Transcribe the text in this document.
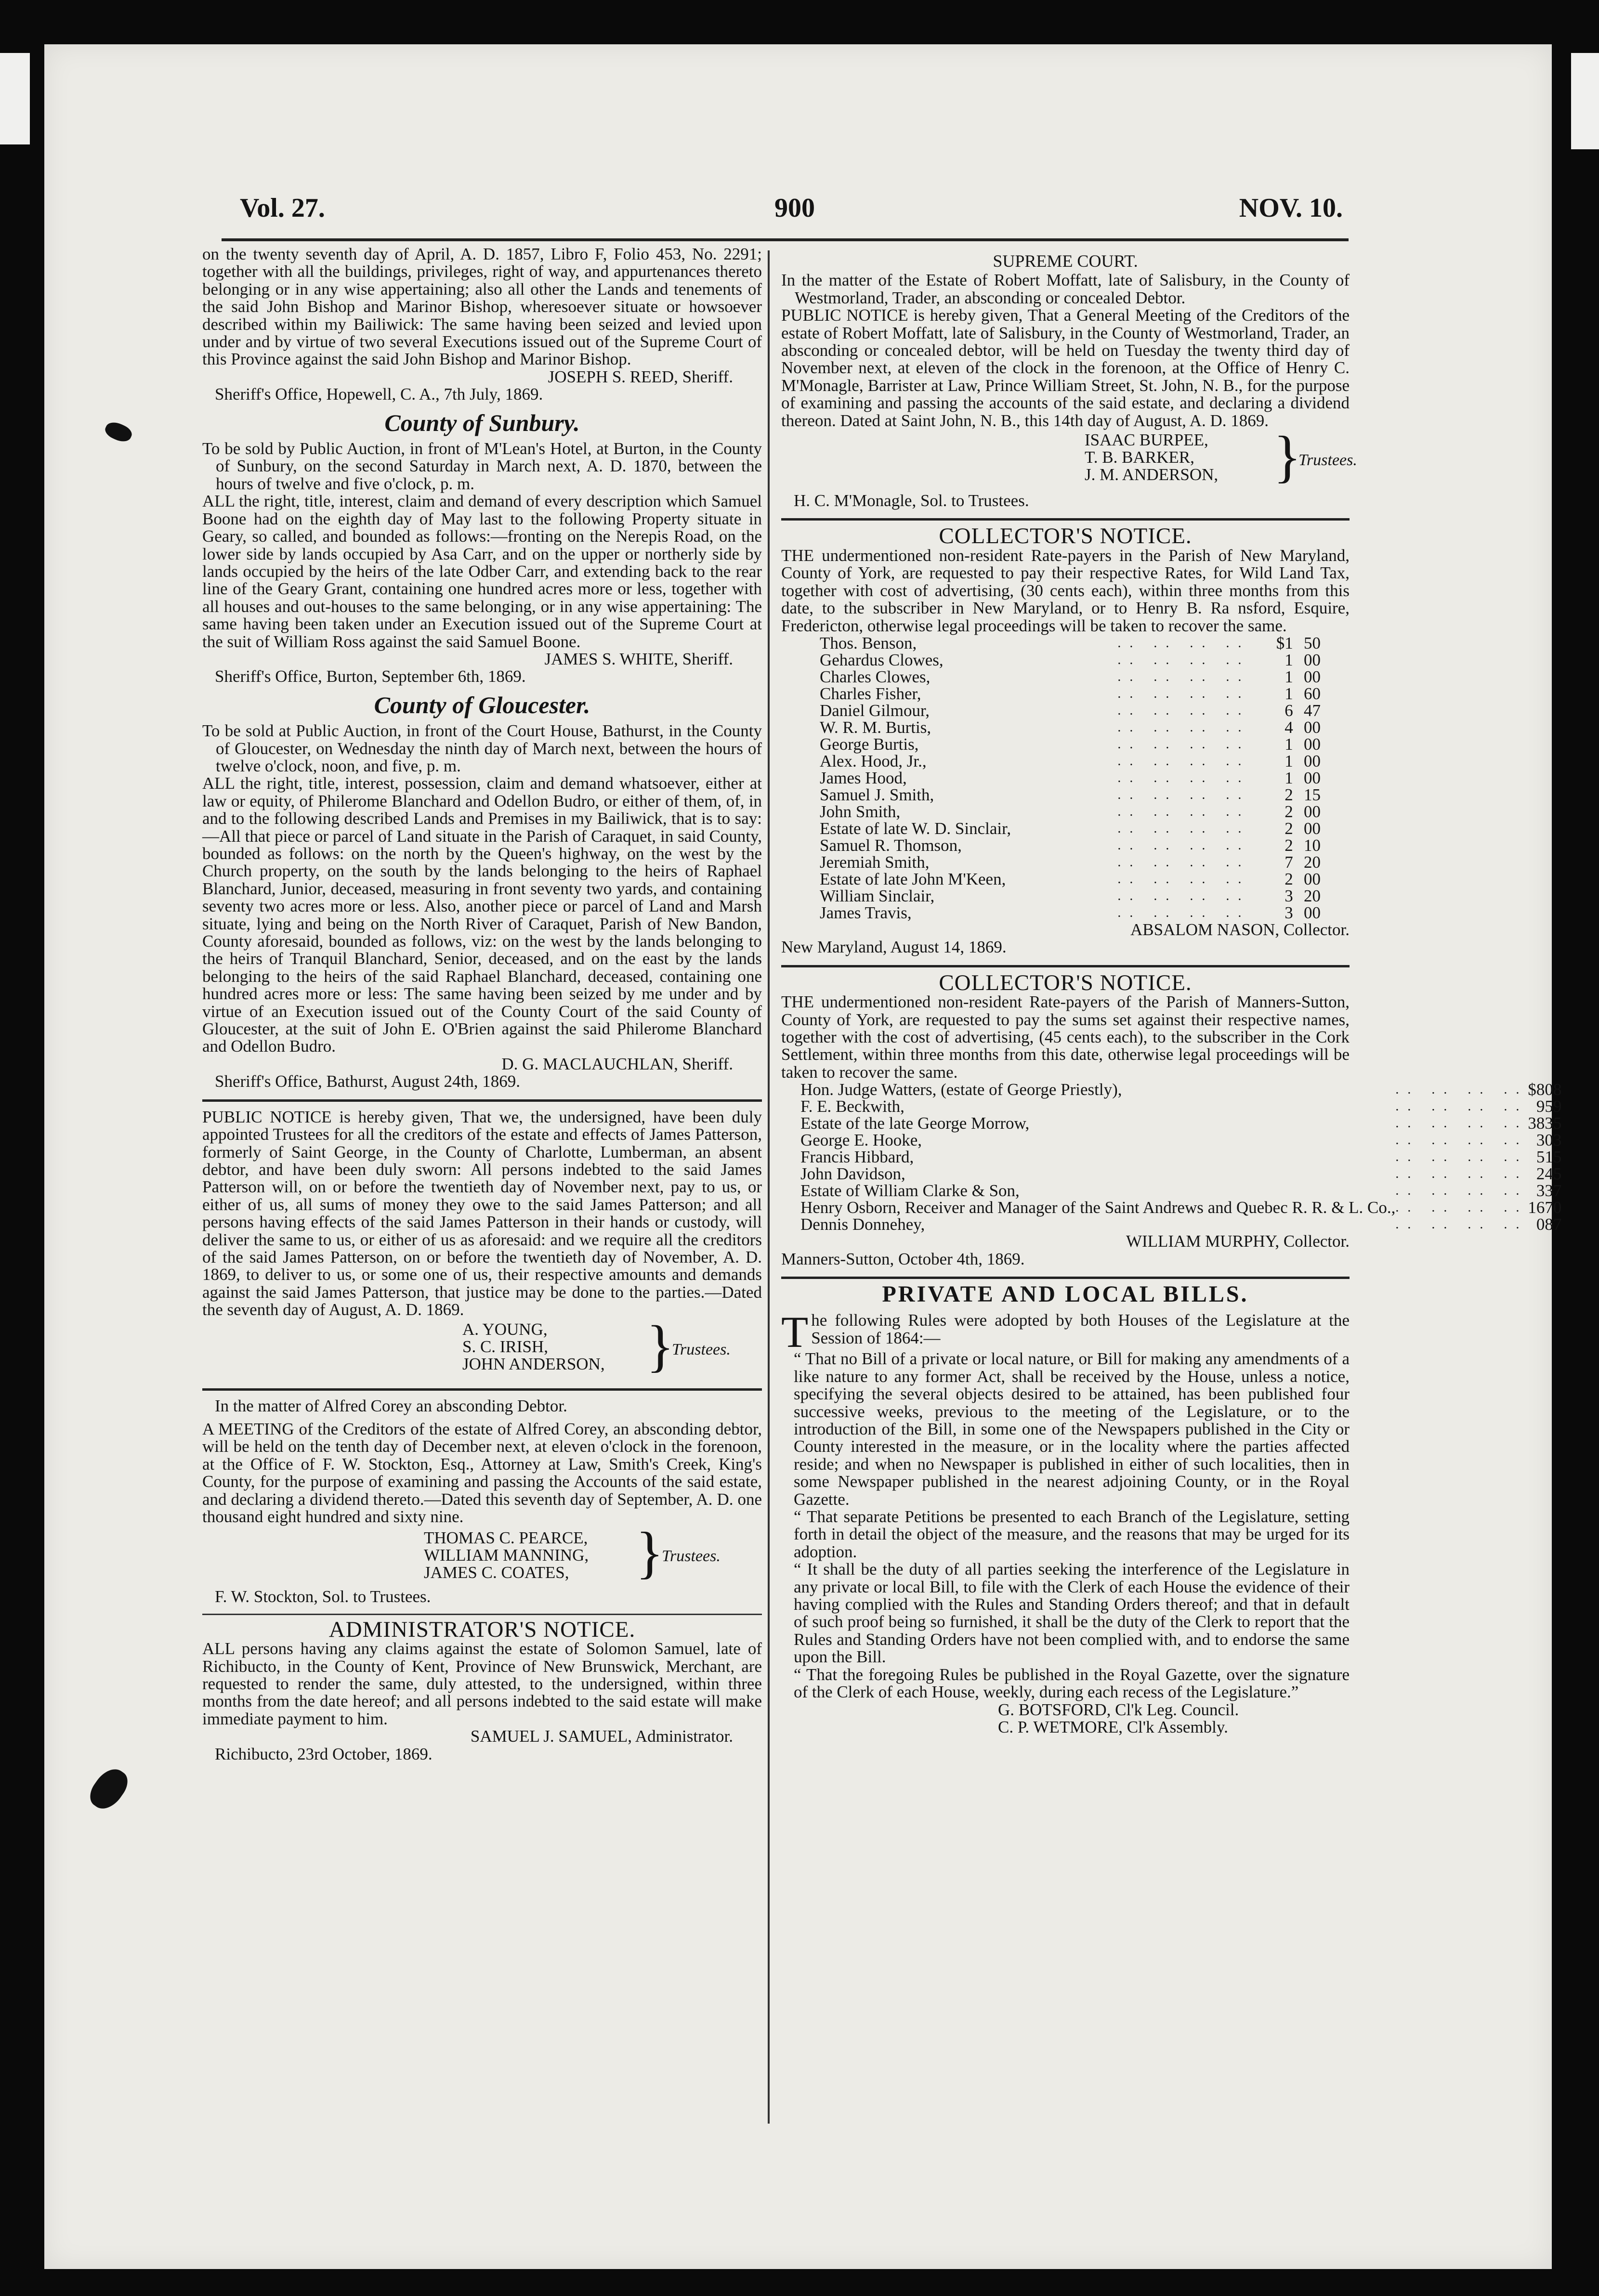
Vol. 27.	900	NOV. 10.

on the twenty seventh day of April, A. D. 1857, Libro F, Folio 453, No. 2291; together with all the buildings, privileges, right of way, and appurtenances thereto belonging or in any wise appertaining; also all other the Lands and tenements of the said John Bishop and Marinor Bishop, wheresoever situate or howsoever described within my Bailiwick: The same having been seized and levied upon under and by virtue of two several Executions issued out of the Supreme Court of this Province against the said John Bishop and Marinor Bishop.

JOSEPH S. REED, Sheriff.

Sheriff's Office, Hopewell, C. A., 7th July, 1869.

County of Sunbury.

To be sold by Public Auction, in front of M'Lean's Hotel, at Burton, in the County of Sunbury, on the second Saturday in March next, A. D. 1870, between the hours of twelve and five o'clock, p. m.

ALL the right, title, interest, claim and demand of every description which Samuel Boone had on the eighth day of May last to the following Property situate in Geary, so called, and bounded as follows:—fronting on the Nerepis Road, on the lower side by lands occupied by Asa Carr, and on the upper or northerly side by lands occupied by the heirs of the late Odber Carr, and extending back to the rear line of the Geary Grant, containing one hundred acres more or less, together with all houses and out-houses to the same belonging, or in any wise appertaining: The same having been taken under an Execution issued out of the Supreme Court at the suit of William Ross against the said Samuel Boone.

JAMES S. WHITE, Sheriff.

Sheriff's Office, Burton, September 6th, 1869.

County of Gloucester.

To be sold at Public Auction, in front of the Court House, Bathurst, in the County of Gloucester, on Wednesday the ninth day of March next, between the hours of twelve o'clock, noon, and five, p. m.

ALL the right, title, interest, possession, claim and demand whatsoever, either at law or equity, of Philerome Blanchard and Odellon Budro, or either of them, of, in and to the following described Lands and Premises in my Bailiwick, that is to say:—All that piece or parcel of Land situate in the Parish of Caraquet, in said County, bounded as follows: on the north by the Queen's highway, on the west by the Church property, on the south by the lands belonging to the heirs of Raphael Blanchard, Junior, deceased, measuring in front seventy two yards, and containing seventy two acres more or less. Also, another piece or parcel of Land and Marsh situate, lying and being on the North River of Caraquet, Parish of New Bandon, County aforesaid, bounded as follows, viz: on the west by the lands belonging to the heirs of Tranquil Blanchard, Senior, deceased, and on the east by the lands belonging to the heirs of the said Raphael Blanchard, deceased, containing one hundred acres more or less: The same having been seized by me under and by virtue of an Execution issued out of the County Court of the said County of Gloucester, at the suit of John E. O'Brien against the said Philerome Blanchard and Odellon Budro.

D. G. MACLAUCHLAN, Sheriff.

Sheriff's Office, Bathurst, August 24th, 1869.

PUBLIC NOTICE is hereby given, That we, the undersigned, have been duly appointed Trustees for all the creditors of the estate and effects of James Patterson, formerly of Saint George, in the County of Charlotte, Lumberman, an absent debtor, and have been duly sworn: All persons indebted to the said James Patterson will, on or before the twentieth day of November next, pay to us, or either of us, all sums of money they owe to the said James Patterson; and all persons having effects of the said James Patterson in their hands or custody, will deliver the same to us, or either of us as aforesaid: and we require all the creditors of the said James Patterson, on or before the twentieth day of November, A. D. 1869, to deliver to us, or some one of us, their respective amounts and demands against the said James Patterson, that justice may be done to the parties.—Dated the seventh day of August, A. D. 1869.

A. YOUNG,
S. C. IRISH,
JOHN ANDERSON, }
Trustees.

In the matter of Alfred Corey an absconding Debtor.

A MEETING of the Creditors of the estate of Alfred Corey, an absconding debtor, will be held on the tenth day of December next, at eleven o'clock in the forenoon, at the Office of F. W. Stockton, Esq., Attorney at Law, Smith's Creek, King's County, for the purpose of examining and passing the Accounts of the said estate, and declaring a dividend thereto.—Dated this seventh day of September, A. D. one thousand eight hundred and sixty nine.

THOMAS C. PEARCE,
WILLIAM MANNING,
JAMES C. COATES,	}
Trustees.

F. W. Stockton, Sol. to Trustees.

ADMINISTRATOR'S NOTICE.

ALL persons having any claims against the estate of Solomon Samuel, late of Richibucto, in the County of Kent, Province of New Brunswick, Merchant, are requested to render the same, duly attested, to the undersigned, within three months from the date hereof; and all persons indebted to the said estate will make immediate payment to him.

SAMUEL J. SAMUEL, Administrator.

Richibucto, 23rd October, 1869.

SUPREME COURT.

In the matter of the Estate of Robert Moffatt, late of Salisbury, in the County of Westmorland, Trader, an absconding or concealed Debtor.

PUBLIC NOTICE is hereby given, That a General Meeting of the Creditors of the estate of Robert Moffatt, late of Salisbury, in the County of Westmorland, Trader, an absconding or concealed debtor, will be held on Tuesday the twenty third day of November next, at eleven of the clock in the forenoon, at the Office of Henry C. M'Monagle, Barrister at Law, Prince William Street, St. John, N. B., for the purpose of examining and passing the accounts of the said estate, and declaring a dividend thereon. Dated at Saint John, N. B., this 14th day of August, A. D. 1869.

ISAAC BURPEE,
T. B. BARKER,
J. M. ANDERSON, }
Trustees.

H. C. M'Monagle, Sol. to Trustees.

COLLECTOR'S NOTICE.

THE undermentioned non-resident Rate-payers in the Parish of New Maryland, County of York, are requested to pay their respective Rates, for Wild Land Tax, together with cost of advertising, (30 cents each), within three months from this date, to the subscriber in New Maryland, or to Henry B. Ra nsford, Esquire, Fredericton, otherwise legal proceedings will be taken to recover the same.

Thos. Benson,	.. .. .. ..	$1	50
Gehardus Clowes,	.. .. .. ..	1	00
Charles Clowes,	.. .. .. ..	1	00
Charles Fisher,	.. .. .. ..	1	60
Daniel Gilmour,	.. .. .. ..	6	47
W. R. M. Burtis,	.. .. .. ..	4	00
George Burtis,	.. .. .. ..	1	00
Alex. Hood, Jr.,	.. .. .. ..	1	00
James Hood,	.. .. .. ..	1	00
Samuel J. Smith,	.. .. .. ..	2	15
John Smith,	.. .. .. ..	2	00
Estate of late W. D. Sinclair,	.. .. .. ..	2	00
Samuel R. Thomson,	.. .. .. ..	2	10
Jeremiah Smith,	.. .. .. ..	7	20
Estate of late John M'Keen,	.. .. .. ..	2	00
William Sinclair,	.. .. .. ..	3	20
James Travis,	.. .. .. ..	3	00

ABSALOM NASON, Collector.

New Maryland, August 14, 1869.

COLLECTOR'S NOTICE.

THE undermentioned non-resident Rate-payers of the Parish of Manners-Sutton, County of York, are requested to pay the sums set against their respective names, together with the cost of advertising, (45 cents each), to the subscriber in the Cork Settlement, within three months from this date, otherwise legal proceedings will be taken to recover the same.

Hon. Judge Watters, (estate of George Priestly),	.. .. .. ..	$8	08
F. E. Beckwith,	.. .. .. ..	9	59
Estate of the late George Morrow,	.. .. .. ..	38	35
George E. Hooke,	.. .. .. ..	3	03
Francis Hibbard,	.. .. .. ..	5	15
John Davidson,	.. .. .. ..	2	45
Estate of William Clarke & Son,	.. .. .. ..	3	37
Henry Osborn, Receiver and Manager of the Saint Andrews and Quebec R. R. & L. Co.,	.. .. .. ..	16	70
Dennis Donnehey,	.. .. .. ..	0	87

WILLIAM MURPHY, Collector.

Manners-Sutton, October 4th, 1869.

PRIVATE AND LOCAL BILLS.

The following Rules were adopted by both Houses of the Legislature at the Session of 1864:—

“ That no Bill of a private or local nature, or Bill for making any amendments of a like nature to any former Act, shall be received by the House, unless a notice, specifying the several objects desired to be attained, has been published four successive weeks, previous to the meeting of the Legislature, or to the introduction of the Bill, in some one of the Newspapers published in the City or County interested in the measure, or in the locality where the parties affected reside; and when no Newspaper is published in either of such localities, then in some Newspaper published in the nearest adjoining County, or in the Royal Gazette.

“ That separate Petitions be presented to each Branch of the Legislature, setting forth in detail the object of the measure, and the reasons that may be urged for its adoption.

“ It shall be the duty of all parties seeking the interference of the Legislature in any private or local Bill, to file with the Clerk of each House the evidence of their having complied with the Rules and Standing Orders thereof; and that in default of such proof being so furnished, it shall be the duty of the Clerk to report that the Rules and Standing Orders have not been complied with, and to endorse the same upon the Bill.

“ That the foregoing Rules be published in the Royal Gazette, over the signature of the Clerk of each House, weekly, during each recess of the Legislature.”

G. BOTSFORD, Cl'k Leg. Council.

C. P. WETMORE, Cl'k Assembly.
